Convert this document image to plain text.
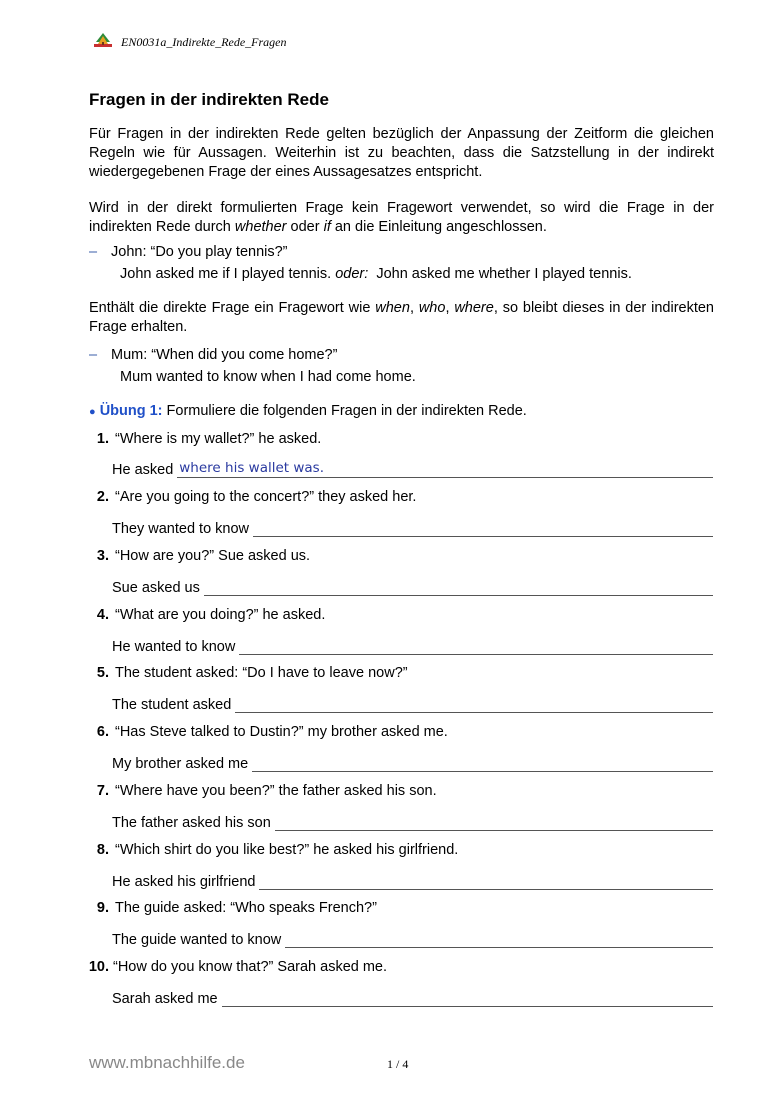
EN0031a_Indirekte_Rede_Fragen
Fragen in der indirekten Rede
Für Fragen in der indirekten Rede gelten bezüglich der Anpassung der Zeitform die gleichen Regeln wie für Aussagen. Weiterhin ist zu beachten, dass die Satzstellung in der indirekt wiedergegebenen Frage der eines Aussagesatzes entspricht.
Wird in der direkt formulierten Frage kein Fragewort verwendet, so wird die Frage in der indirekten Rede durch whether oder if an die Einleitung angeschlossen.
– John: “Do you play tennis?”
John asked me if I played tennis. oder:  John asked me whether I played tennis.
Enthält die direkte Frage ein Fragewort wie when, who, where, so bleibt dieses in der indirekten Frage erhalten.
– Mum: “When did you come home?”
Mum wanted to know when I had come home.
● Übung 1: Formuliere die folgenden Fragen in der indirekten Rede.
1. “Where is my wallet?” he asked.
He asked where his wallet was.
2. “Are you going to the concert?” they asked her.
They wanted to know
3. “How are you?” Sue asked us.
Sue asked us
4. “What are you doing?” he asked.
He wanted to know
5. The student asked: “Do I have to leave now?”
The student asked
6. “Has Steve talked to Dustin?” my brother asked me.
My brother asked me
7. “Where have you been?” the father asked his son.
The father asked his son
8. “Which shirt do you like best?” he asked his girlfriend.
He asked his girlfriend
9. The guide asked: “Who speaks French?”
The guide wanted to know
10. “How do you know that?” Sarah asked me.
Sarah asked me
www.mbnachhilfe.de	1 / 4
